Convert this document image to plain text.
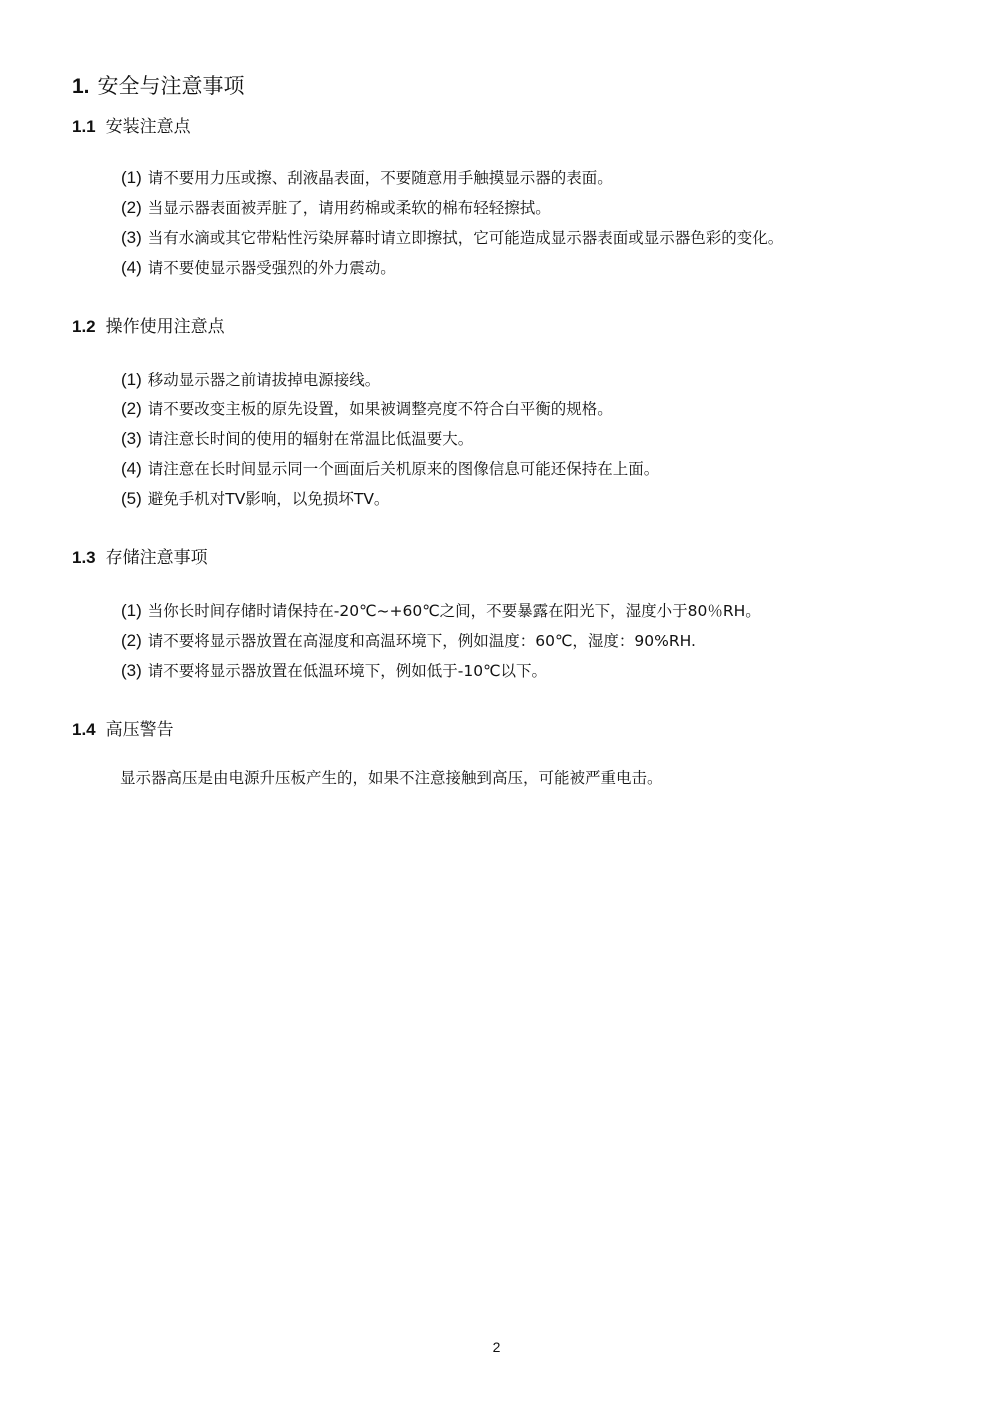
1. 安全与注意事项
1.1 安装注意点
(1) 请不要用力压或擦、刮液晶表面，不要随意用手触摸显示器的表面。
(2) 当显示器表面被弄脏了，请用药棉或柔软的棉布轻轻擦拭。
(3) 当有水滴或其它带粘性污染屏幕时请立即擦拭，它可能造成显示器表面或显示器色彩的变化。
(4) 请不要使显示器受强烈的外力震动。
1.2 操作使用注意点
(1) 移动显示器之前请拔掉电源接线。
(2) 请不要改变主板的原先设置，如果被调整亮度不符合白平衡的规格。
(3) 请注意长时间的使用的辐射在常温比低温要大。
(4) 请注意在长时间显示同一个画面后关机原来的图像信息可能还保持在上面。
(5) 避免手机对TV影响，以免损坏TV。
1.3 存储注意事项
(1) 当你长时间存储时请保持在-20℃~+60℃之间，不要暴露在阳光下，湿度小于80％RH。
(2) 请不要将显示器放置在高湿度和高温环境下，例如温度：60℃，湿度：90%RH.
(3) 请不要将显示器放置在低温环境下，例如低于-10℃以下。
1.4 高压警告
显示器高压是由电源升压板产生的，如果不注意接触到高压，可能被严重电击。
2
